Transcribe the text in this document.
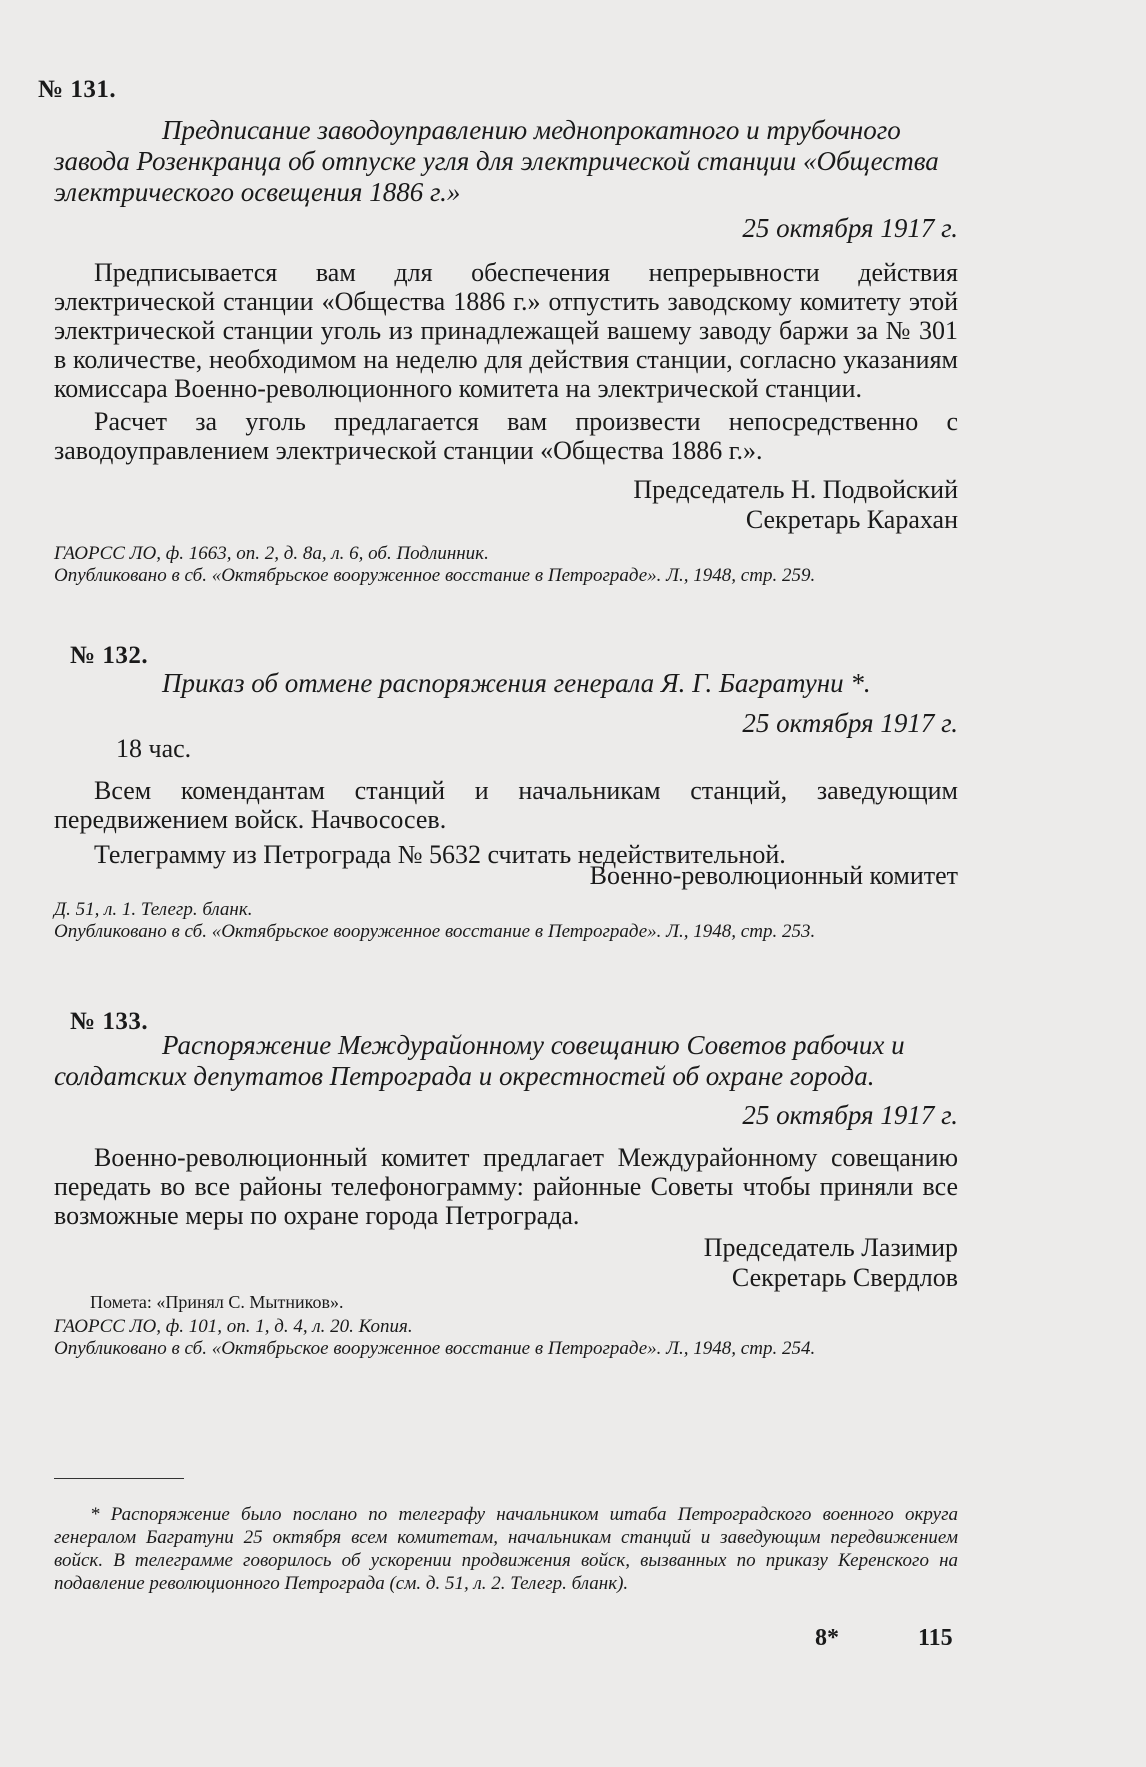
№ 131.
Предписание заводоуправлению меднопрокатного и трубочного завода Розенкранца об отпуске угля для электрической станции «Общества электрического освещения 1886 г.»
25 октября 1917 г.

Предписывается вам для обеспечения непрерывности действия электрической станции «Общества 1886 г.» отпустить заводскому комитету этой электрической станции уголь из принадлежащей вашему заводу баржи за № 301 в количестве, необходимом на неделю для действия станции, согласно указаниям комиссара Военно-революционного комитета на электрической станции.

Расчет за уголь предлагается вам произвести непосредственно с заводоуправлением электрической станции «Общества 1886 г.».

Председатель Н. Подвойский
Секретарь Карахан
ГАОРСС ЛО, ф. 1663, оп. 2, д. 8а, л. 6, об. Подлинник.
Опубликовано в сб. «Октябрьское вооруженное восстание в Петрограде». Л., 1948, стр. 259.
№ 132.
Приказ об отмене распоряжения генерала Я. Г. Багратуни *.
25 октября 1917 г.
18 час.

Всем комендантам станций и начальникам станций, заведующим передвижением войск. Начвососев.

Телеграмму из Петрограда № 5632 считать недействительной.

Военно-революционный комитет
Д. 51, л. 1. Телегр. бланк.
Опубликовано в сб. «Октябрьское вооруженное восстание в Петрограде». Л., 1948, стр. 253.
№ 133.
Распоряжение Междурайонному совещанию Советов рабочих и солдатских депутатов Петрограда и окрестностей об охране города.
25 октября 1917 г.

Военно-революционный комитет предлагает Междурайонному совещанию передать во все районы телефонограмму: районные Советы чтобы приняли все возможные меры по охране города Петрограда.

Председатель Лазимир
Секретарь Свердлов
Пометa: «Принял С. Мытников».
ГАОРСС ЛО, ф. 101, оп. 1, д. 4, л. 20. Копия.
Опубликовано в сб. «Октябрьское вооруженное восстание в Петрограде». Л., 1948, стр. 254.
* Распоряжение было послано по телеграфу начальником штаба Петроградского военного округа генералом Багратуни 25 октября всем комитетам, начальникам станций и заведующим передвижением войск. В телеграмме говорилось об ускорении продвижения войск, вызванных по приказу Керенского на подавление революционного Петрограда (см. д. 51, л. 2. Телегр. бланк).
8*	115
